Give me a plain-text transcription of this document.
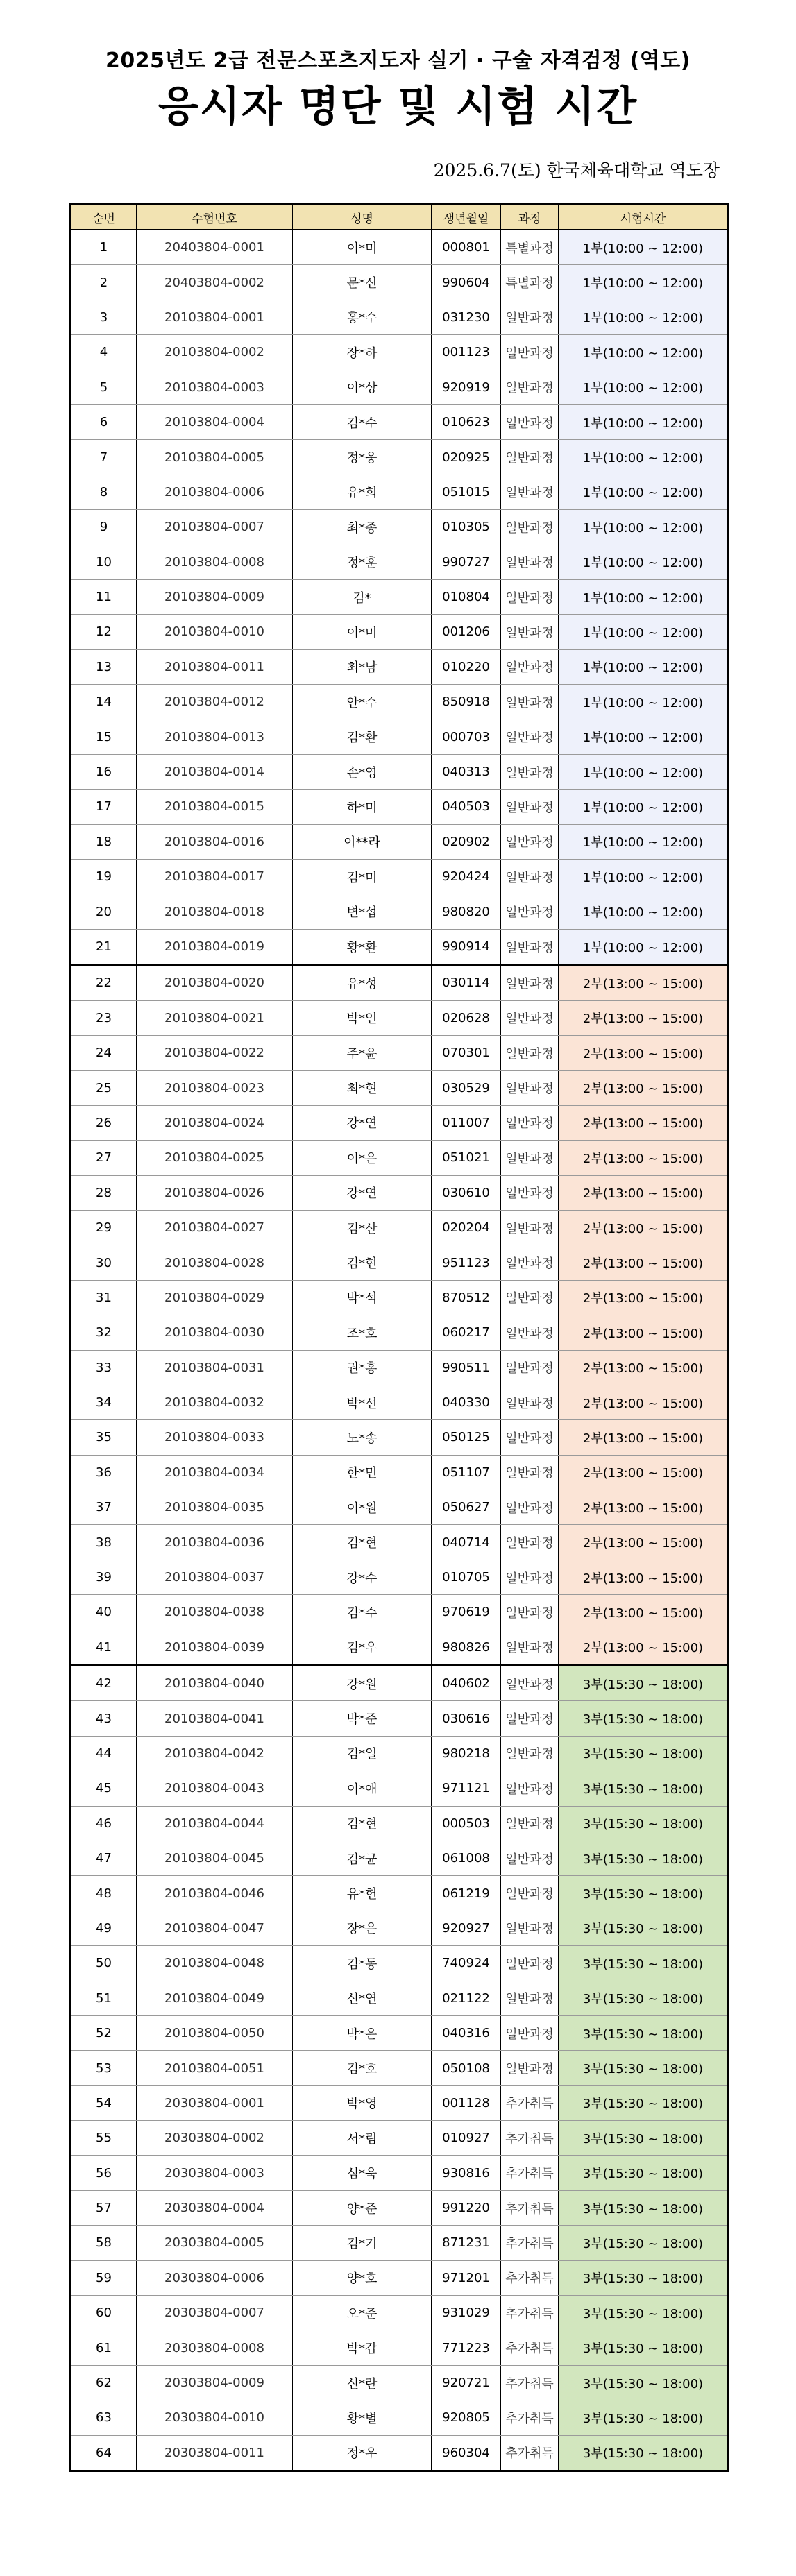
2025년도 2급 전문스포츠지도자 실기 · 구술 자격검정 (역도)
응시자 명단 및 시험 시간
2025.6.7(토) 한국체육대학교 역도장
순번	수험번호	성명	생년월일	과정	시험시간
1	20403804-0001	이*미	000801	특별과정	1부(10:00 ~ 12:00)
2	20403804-0002	문*신	990604	특별과정	1부(10:00 ~ 12:00)
3	20103804-0001	홍*수	031230	일반과정	1부(10:00 ~ 12:00)
4	20103804-0002	장*하	001123	일반과정	1부(10:00 ~ 12:00)
5	20103804-0003	이*상	920919	일반과정	1부(10:00 ~ 12:00)
6	20103804-0004	김*수	010623	일반과정	1부(10:00 ~ 12:00)
7	20103804-0005	정*웅	020925	일반과정	1부(10:00 ~ 12:00)
8	20103804-0006	유*희	051015	일반과정	1부(10:00 ~ 12:00)
9	20103804-0007	최*종	010305	일반과정	1부(10:00 ~ 12:00)
10	20103804-0008	정*훈	990727	일반과정	1부(10:00 ~ 12:00)
11	20103804-0009	김*	010804	일반과정	1부(10:00 ~ 12:00)
12	20103804-0010	이*미	001206	일반과정	1부(10:00 ~ 12:00)
13	20103804-0011	최*남	010220	일반과정	1부(10:00 ~ 12:00)
14	20103804-0012	안*수	850918	일반과정	1부(10:00 ~ 12:00)
15	20103804-0013	김*환	000703	일반과정	1부(10:00 ~ 12:00)
16	20103804-0014	손*영	040313	일반과정	1부(10:00 ~ 12:00)
17	20103804-0015	하*미	040503	일반과정	1부(10:00 ~ 12:00)
18	20103804-0016	이**라	020902	일반과정	1부(10:00 ~ 12:00)
19	20103804-0017	김*미	920424	일반과정	1부(10:00 ~ 12:00)
20	20103804-0018	변*섭	980820	일반과정	1부(10:00 ~ 12:00)
21	20103804-0019	황*환	990914	일반과정	1부(10:00 ~ 12:00)
22	20103804-0020	유*성	030114	일반과정	2부(13:00 ~ 15:00)
23	20103804-0021	박*인	020628	일반과정	2부(13:00 ~ 15:00)
24	20103804-0022	주*윤	070301	일반과정	2부(13:00 ~ 15:00)
25	20103804-0023	최*현	030529	일반과정	2부(13:00 ~ 15:00)
26	20103804-0024	강*연	011007	일반과정	2부(13:00 ~ 15:00)
27	20103804-0025	이*은	051021	일반과정	2부(13:00 ~ 15:00)
28	20103804-0026	강*연	030610	일반과정	2부(13:00 ~ 15:00)
29	20103804-0027	김*산	020204	일반과정	2부(13:00 ~ 15:00)
30	20103804-0028	김*현	951123	일반과정	2부(13:00 ~ 15:00)
31	20103804-0029	박*석	870512	일반과정	2부(13:00 ~ 15:00)
32	20103804-0030	조*호	060217	일반과정	2부(13:00 ~ 15:00)
33	20103804-0031	권*홍	990511	일반과정	2부(13:00 ~ 15:00)
34	20103804-0032	박*선	040330	일반과정	2부(13:00 ~ 15:00)
35	20103804-0033	노*송	050125	일반과정	2부(13:00 ~ 15:00)
36	20103804-0034	한*민	051107	일반과정	2부(13:00 ~ 15:00)
37	20103804-0035	이*원	050627	일반과정	2부(13:00 ~ 15:00)
38	20103804-0036	김*현	040714	일반과정	2부(13:00 ~ 15:00)
39	20103804-0037	강*수	010705	일반과정	2부(13:00 ~ 15:00)
40	20103804-0038	김*수	970619	일반과정	2부(13:00 ~ 15:00)
41	20103804-0039	김*우	980826	일반과정	2부(13:00 ~ 15:00)
42	20103804-0040	강*원	040602	일반과정	3부(15:30 ~ 18:00)
43	20103804-0041	박*준	030616	일반과정	3부(15:30 ~ 18:00)
44	20103804-0042	김*일	980218	일반과정	3부(15:30 ~ 18:00)
45	20103804-0043	이*애	971121	일반과정	3부(15:30 ~ 18:00)
46	20103804-0044	김*현	000503	일반과정	3부(15:30 ~ 18:00)
47	20103804-0045	김*균	061008	일반과정	3부(15:30 ~ 18:00)
48	20103804-0046	유*헌	061219	일반과정	3부(15:30 ~ 18:00)
49	20103804-0047	장*은	920927	일반과정	3부(15:30 ~ 18:00)
50	20103804-0048	김*동	740924	일반과정	3부(15:30 ~ 18:00)
51	20103804-0049	신*연	021122	일반과정	3부(15:30 ~ 18:00)
52	20103804-0050	박*은	040316	일반과정	3부(15:30 ~ 18:00)
53	20103804-0051	김*호	050108	일반과정	3부(15:30 ~ 18:00)
54	20303804-0001	박*영	001128	추가취득	3부(15:30 ~ 18:00)
55	20303804-0002	서*림	010927	추가취득	3부(15:30 ~ 18:00)
56	20303804-0003	심*욱	930816	추가취득	3부(15:30 ~ 18:00)
57	20303804-0004	양*준	991220	추가취득	3부(15:30 ~ 18:00)
58	20303804-0005	김*기	871231	추가취득	3부(15:30 ~ 18:00)
59	20303804-0006	양*호	971201	추가취득	3부(15:30 ~ 18:00)
60	20303804-0007	오*준	931029	추가취득	3부(15:30 ~ 18:00)
61	20303804-0008	박*갑	771223	추가취득	3부(15:30 ~ 18:00)
62	20303804-0009	신*란	920721	추가취득	3부(15:30 ~ 18:00)
63	20303804-0010	황*별	920805	추가취득	3부(15:30 ~ 18:00)
64	20303804-0011	정*우	960304	추가취득	3부(15:30 ~ 18:00)
